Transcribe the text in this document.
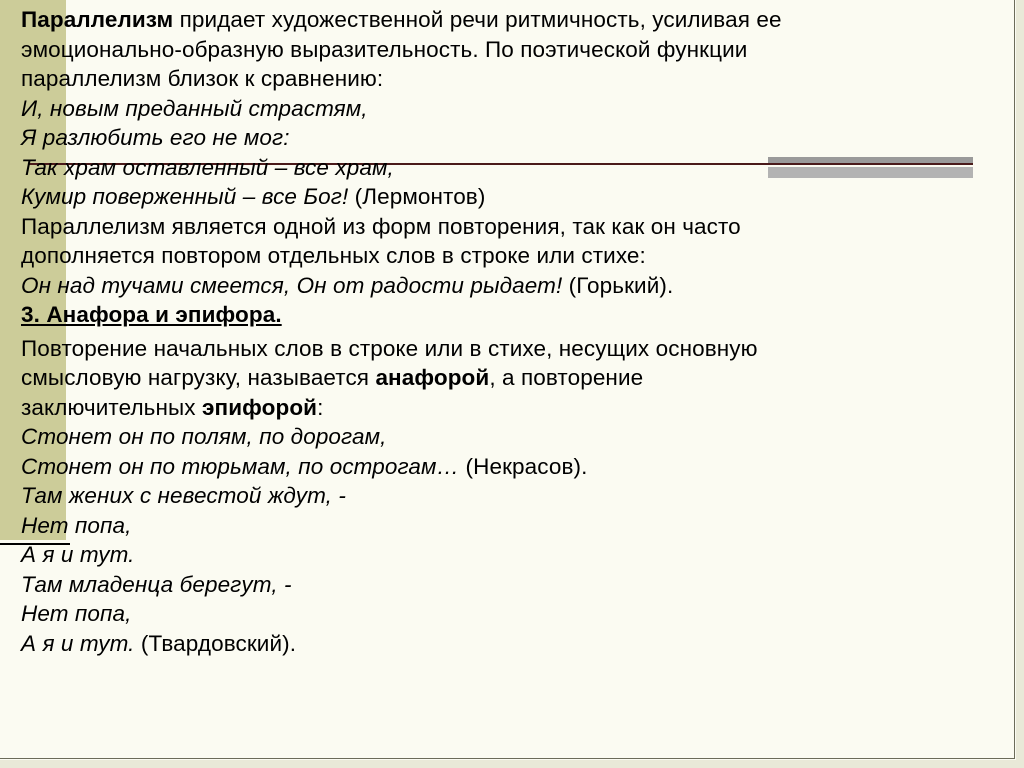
Параллелизм придает художественной речи ритмичность, усиливая ее
эмоционально-образную выразительность. По поэтической функции
параллелизм близок к сравнению:
И, новым преданный страстям,
Я разлюбить его не мог:
Так храм оставленный – все храм,
Кумир поверженный – все Бог! (Лермонтов)
Параллелизм является одной из форм повторения, так как он часто
дополняется повтором отдельных слов в строке или стихе:
Он над тучами смеется, Он от радости рыдает! (Горький).
3. Анафора и эпифора.
Повторение начальных слов в строке или в стихе, несущих основную
смысловую нагрузку, называется анафорой, а повторение
заключительных эпифорой:
Стонет он по полям, по дорогам,
Стонет он по тюрьмам, по острогам… (Некрасов).
Там жених с невестой ждут, -
Нет попа,
А я и тут.
Там младенца берегут, -
Нет попа,
А я и тут. (Твардовский).
